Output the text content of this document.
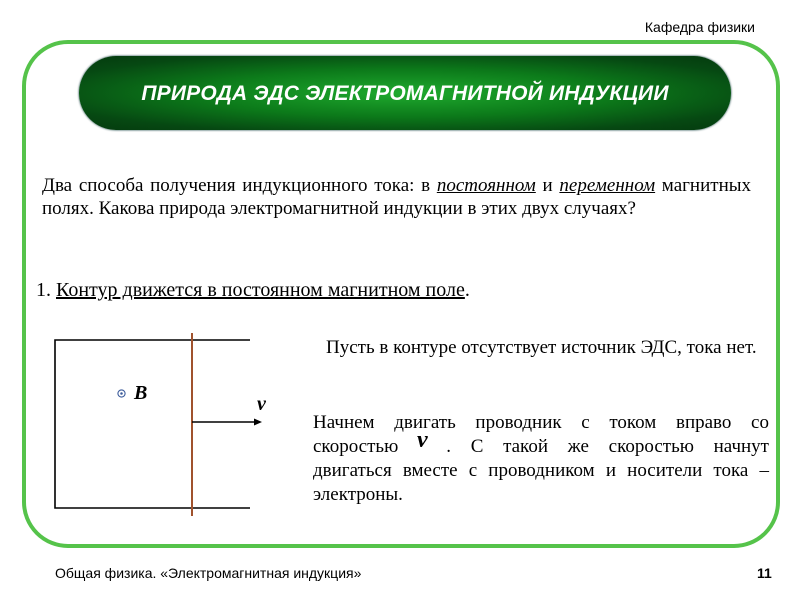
Кафедра физики
ПРИРОДА ЭДС ЭЛЕКТРОМАГНИТНОЙ ИНДУКЦИИ
Два способа получения индукционного тока: в постоянном и переменном магнитных полях. Какова природа электромагнитной индукции в этих двух случаях?
1. Контур движется в постоянном магнитном поле.
B	v
Пусть в контуре отсутствует источник ЭДС, тока нет.
Начнем двигать проводник с током вправо со скоростью v . С такой же скоростью начнут двигаться вместе с проводником и носители тока – электроны.
Общая физика. «Электромагнитная индукция»	11
